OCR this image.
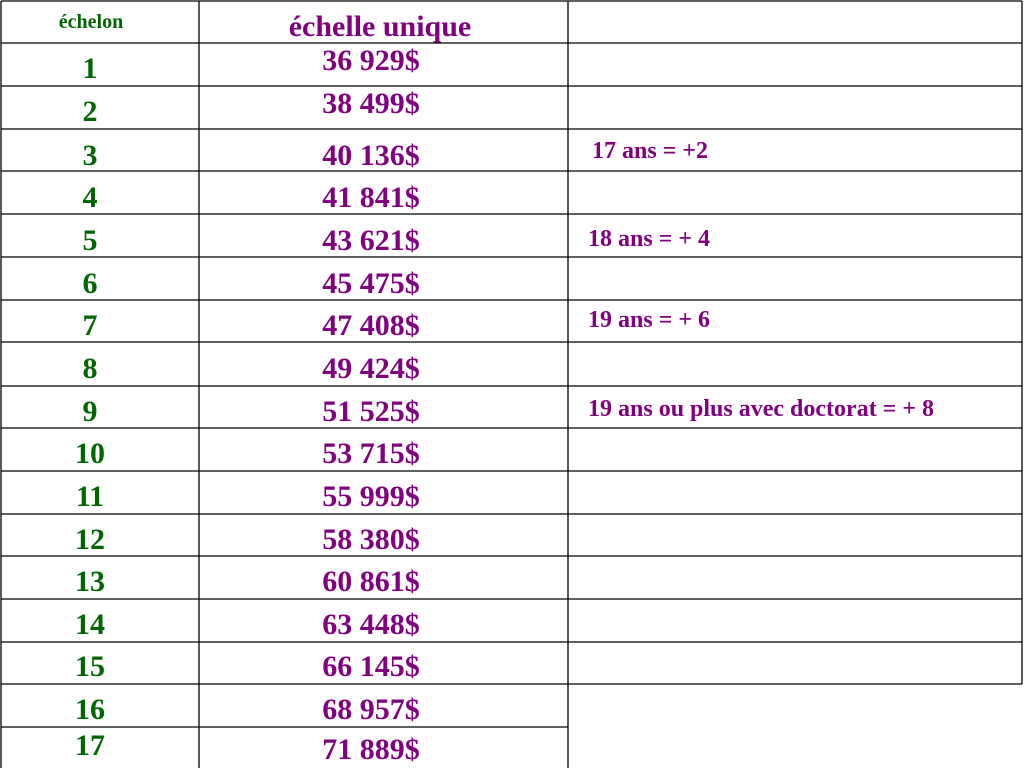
échelon	échelle unique
1
2
3
4
5
6
7
8
9
10
11
12
13
14
15
16
17
36 929$
38 499$
40 136$
41 841$
43 621$
45 475$
47 408$
49 424$
51 525$
53 715$
55 999$
58 380$
60 861$
63 448$
66 145$
68 957$
71 889$
17 ans = +2
18 ans = + 4
19 ans = + 6
19 ans ou plus avec doctorat = + 8
